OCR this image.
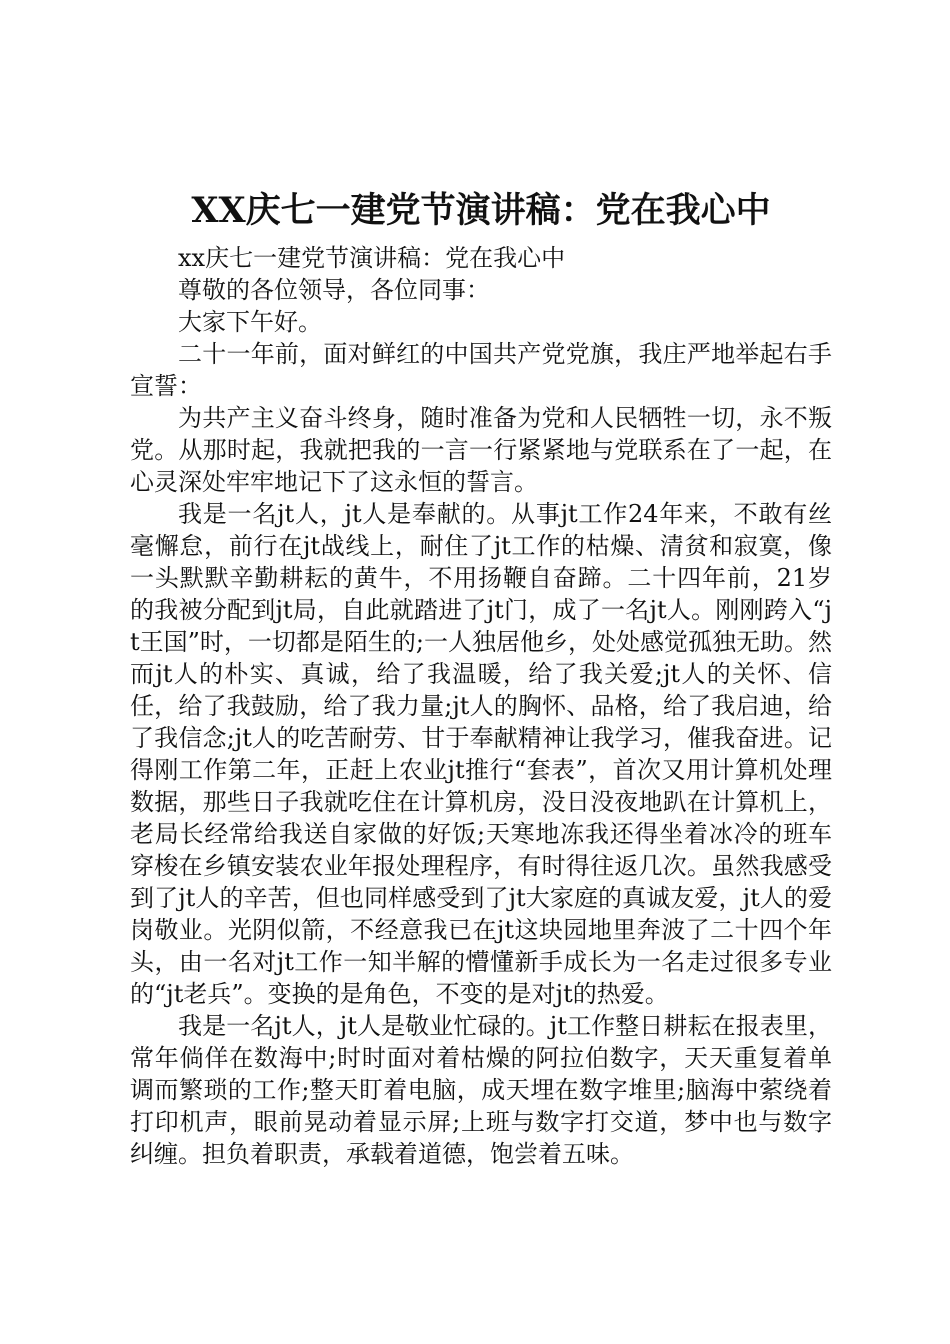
XX庆七一建党节演讲稿：党在我心中

xx庆七一建党节演讲稿：党在我心中

尊敬的各位领导，各位同事：

大家下午好。

二十一年前，面对鲜红的中国共产党党旗，我庄严地举起右手宣誓：

为共产主义奋斗终身，随时准备为党和人民牺牲一切，永不叛党。从那时起，我就把我的一言一行紧紧地与党联系在了一起，在心灵深处牢牢地记下了这永恒的誓言。

我是一名jt人，jt人是奉献的。从事jt工作24年来，不敢有丝毫懈怠，前行在jt战线上，耐住了jt工作的枯燥、清贫和寂寞，像一头默默辛勤耕耘的黄牛，不用扬鞭自奋蹄。二十四年前，21岁的我被分配到jt局，自此就踏进了jt门，成了一名jt人。刚刚跨入“jt王国”时，一切都是陌生的;一人独居他乡，处处感觉孤独无助。然而jt人的朴实、真诚，给了我温暖，给了我关爱;jt人的关怀、信任，给了我鼓励，给了我力量;jt人的胸怀、品格，给了我启迪，给了我信念;jt人的吃苦耐劳、甘于奉献精神让我学习，催我奋进。记得刚工作第二年，正赶上农业jt推行“套表”，首次又用计算机处理数据，那些日子我就吃住在计算机房，没日没夜地趴在计算机上，老局长经常给我送自家做的好饭;天寒地冻我还得坐着冰冷的班车穿梭在乡镇安装农业年报处理程序，有时得往返几次。虽然我感受到了jt人的辛苦，但也同样感受到了jt大家庭的真诚友爱，jt人的爱岗敬业。光阴似箭，不经意我已在jt这块园地里奔波了二十四个年头，由一名对jt工作一知半解的懵懂新手成长为一名走过很多专业的“jt老兵”。变换的是角色，不变的是对jt的热爱。

我是一名jt人，jt人是敬业忙碌的。jt工作整日耕耘在报表里，常年倘佯在数海中;时时面对着枯燥的阿拉伯数字，天天重复着单调而繁琐的工作;整天盯着电脑，成天埋在数字堆里;脑海中萦绕着打印机声，眼前晃动着显示屏;上班与数字打交道，梦中也与数字纠缠。担负着职责，承载着道德，饱尝着五味。
